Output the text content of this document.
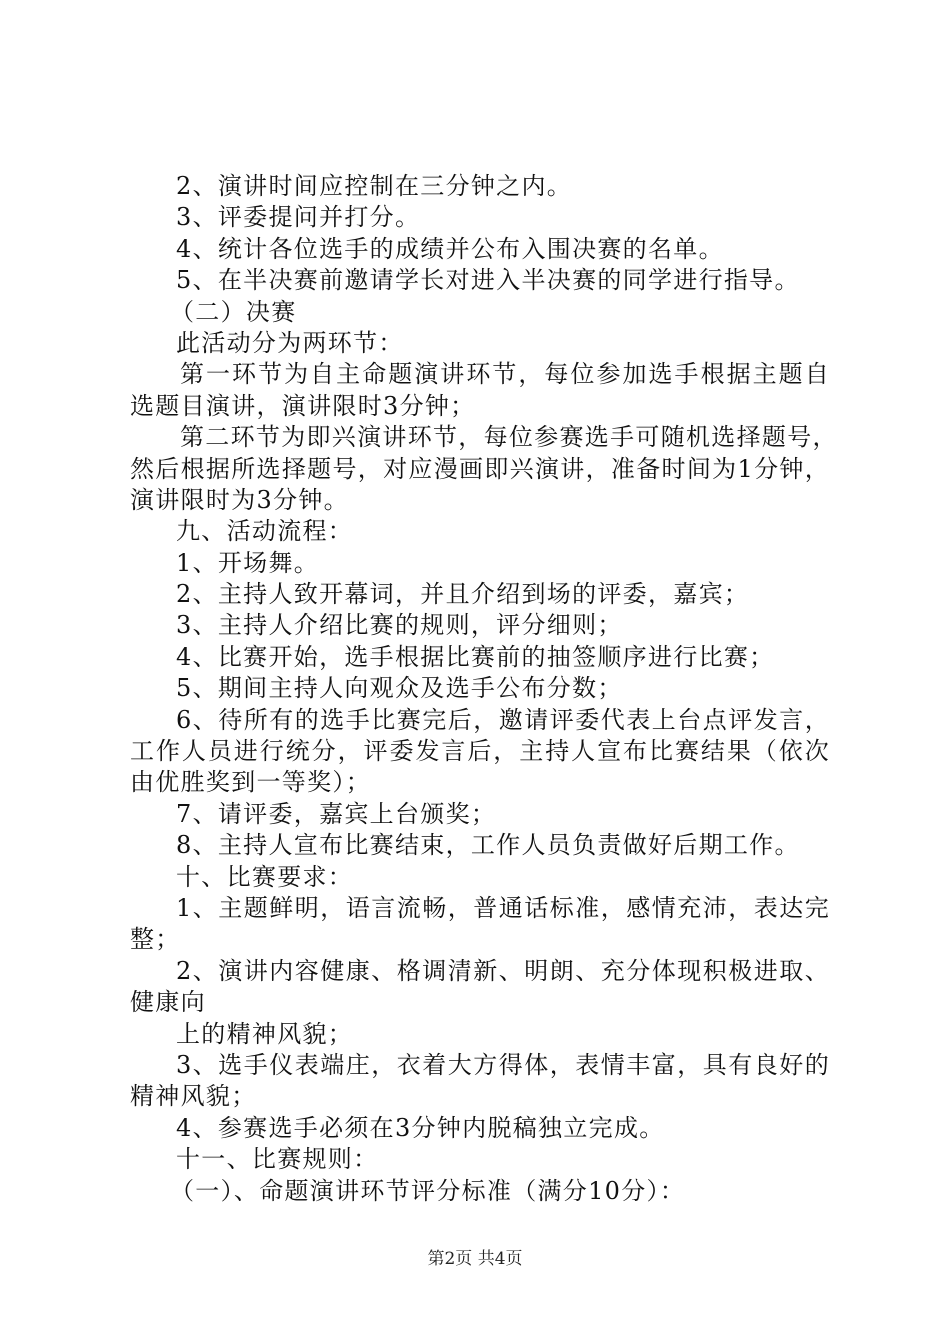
2、演讲时间应控制在三分钟之内。
3、评委提问并打分。
4、统计各位选手的成绩并公布入围决赛的名单。
5、在半决赛前邀请学长对进入半决赛的同学进行指导。
（二）决赛
此活动分为两环节：
第一环节为自主命题演讲环节，每位参加选手根据主题自
选题目演讲，演讲限时3分钟；
第二环节为即兴演讲环节，每位参赛选手可随机选择题号，
然后根据所选择题号，对应漫画即兴演讲，准备时间为1分钟，
演讲限时为3分钟。
九、活动流程：
1、开场舞。
2、主持人致开幕词，并且介绍到场的评委，嘉宾；
3、主持人介绍比赛的规则，评分细则；
4、比赛开始，选手根据比赛前的抽签顺序进行比赛；
5、期间主持人向观众及选手公布分数；
6、待所有的选手比赛完后，邀请评委代表上台点评发言，
工作人员进行统分，评委发言后，主持人宣布比赛结果（依次
由优胜奖到一等奖）；
7、请评委，嘉宾上台颁奖；
8、主持人宣布比赛结束，工作人员负责做好后期工作。
十、比赛要求：
1、主题鲜明，语言流畅，普通话标准，感情充沛，表达完
整；
2、演讲内容健康、格调清新、明朗、充分体现积极进取、
健康向
上的精神风貌；
3、选手仪表端庄，衣着大方得体，表情丰富，具有良好的
精神风貌；
4、参赛选手必须在3分钟内脱稿独立完成。
十一、比赛规则：
（一）、命题演讲环节评分标准（满分10分）：
第2页 共4页
